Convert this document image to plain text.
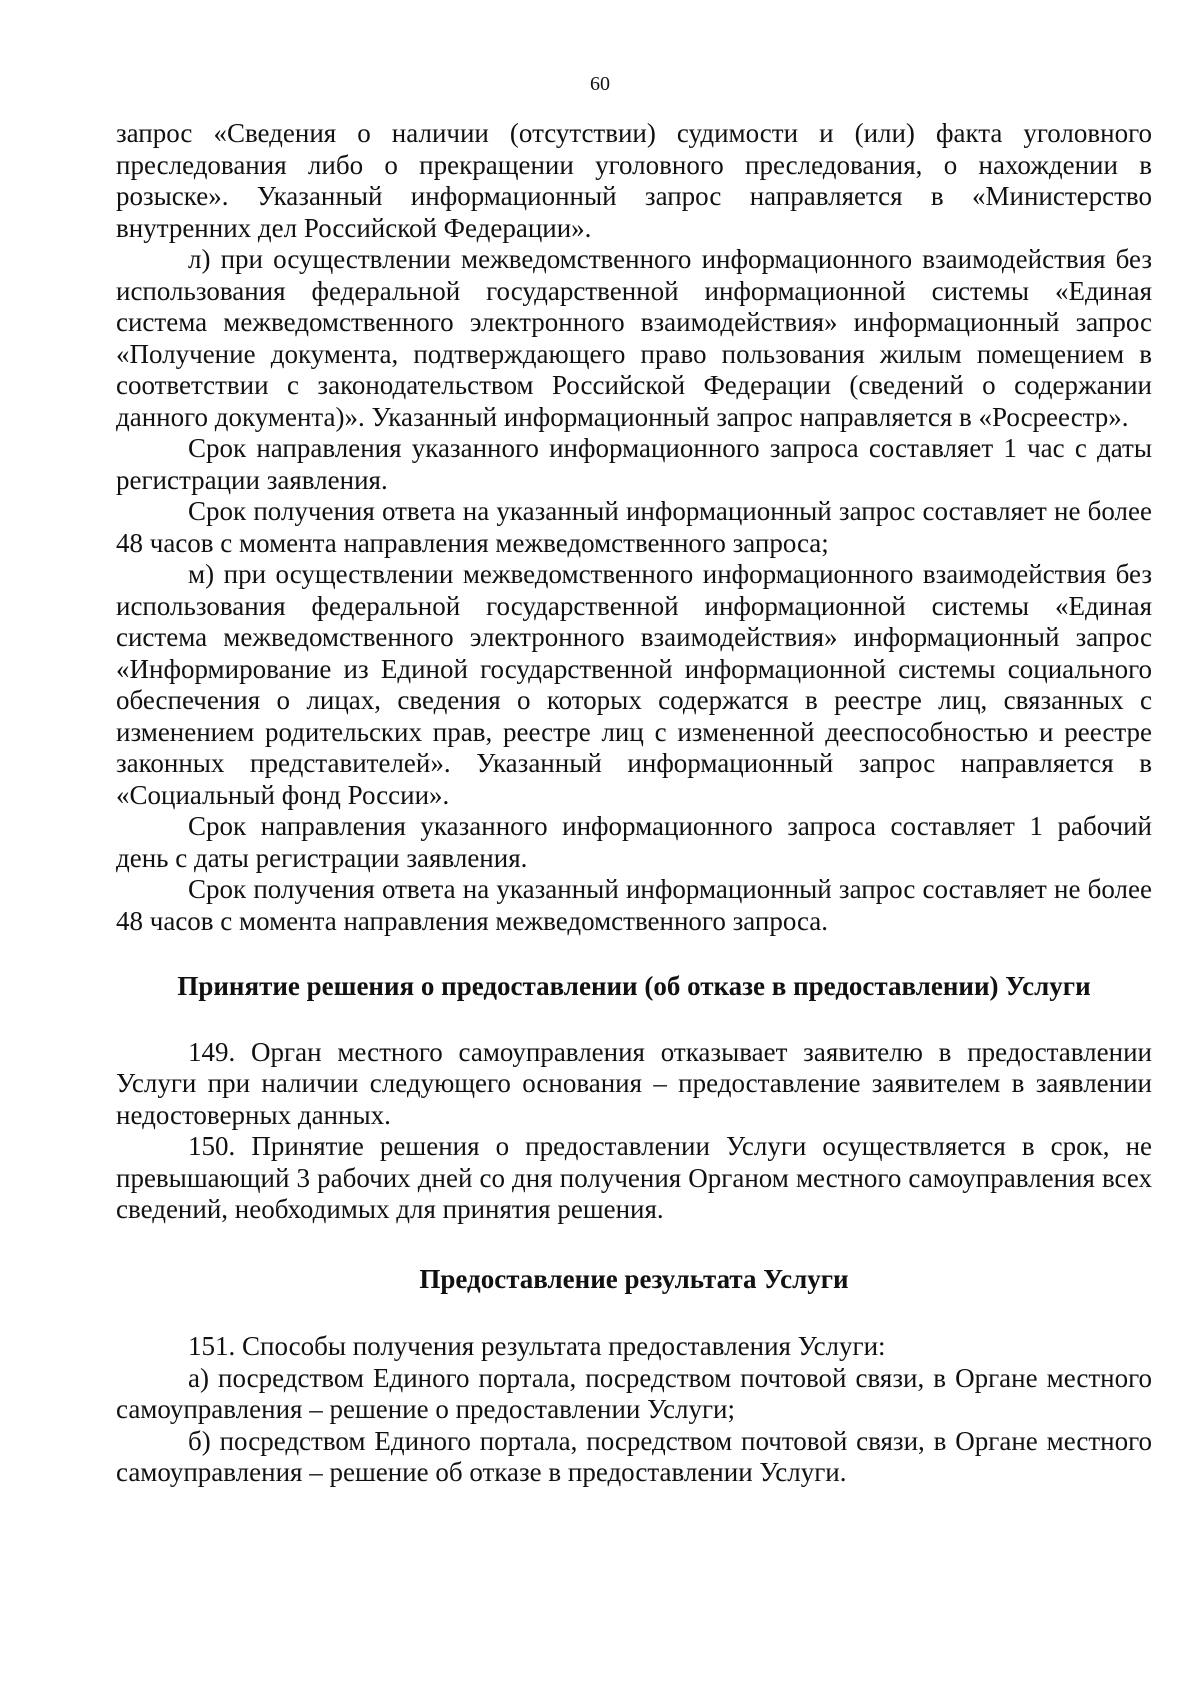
60

запрос «Сведения о наличии (отсутствии) судимости и (или) факта уголовного преследования либо о прекращении уголовного преследования, о нахождении в розыске». Указанный информационный запрос направляется в «Министерство внутренних дел Российской Федерации».

л) при осуществлении межведомственного информационного взаимодействия без использования федеральной государственной информационной системы «Единая система межведомственного электронного взаимодействия» информационный запрос «Получение документа, подтверждающего право пользования жилым помещением в соответствии с законодательством Российской Федерации (сведений о содержании данного документа)». Указанный информационный запрос направляется в «Росреестр».

Срок направления указанного информационного запроса составляет 1 час с даты регистрации заявления.

Срок получения ответа на указанный информационный запрос составляет не более 48 часов с момента направления межведомственного запроса;

м) при осуществлении межведомственного информационного взаимодействия без использования федеральной государственной информационной системы «Единая система межведомственного электронного взаимодействия» информационный запрос «Информирование из Единой государственной информационной системы социального обеспечения о лицах, сведения о которых содержатся в реестре лиц, связанных с изменением родительских прав, реестре лиц с измененной дееспособностью и реестре законных представителей». Указанный информационный запрос направляется в «Социальный фонд России».

Срок направления указанного информационного запроса составляет 1 рабочий день с даты регистрации заявления.

Срок получения ответа на указанный информационный запрос составляет не более 48 часов с момента направления межведомственного запроса.

Принятие решения о предоставлении (об отказе в предоставлении) Услуги

149. Орган местного самоуправления отказывает заявителю в предоставлении Услуги при наличии следующего основания – предоставление заявителем в заявлении недостоверных данных.

150. Принятие решения о предоставлении Услуги осуществляется в срок, не превышающий 3 рабочих дней со дня получения Органом местного самоуправления всех сведений, необходимых для принятия решения.

Предоставление результата Услуги

151. Способы получения результата предоставления Услуги:

а) посредством Единого портала, посредством почтовой связи, в Органе местного самоуправления – решение о предоставлении Услуги;

б) посредством Единого портала, посредством почтовой связи, в Органе местного самоуправления – решение об отказе в предоставлении Услуги.
